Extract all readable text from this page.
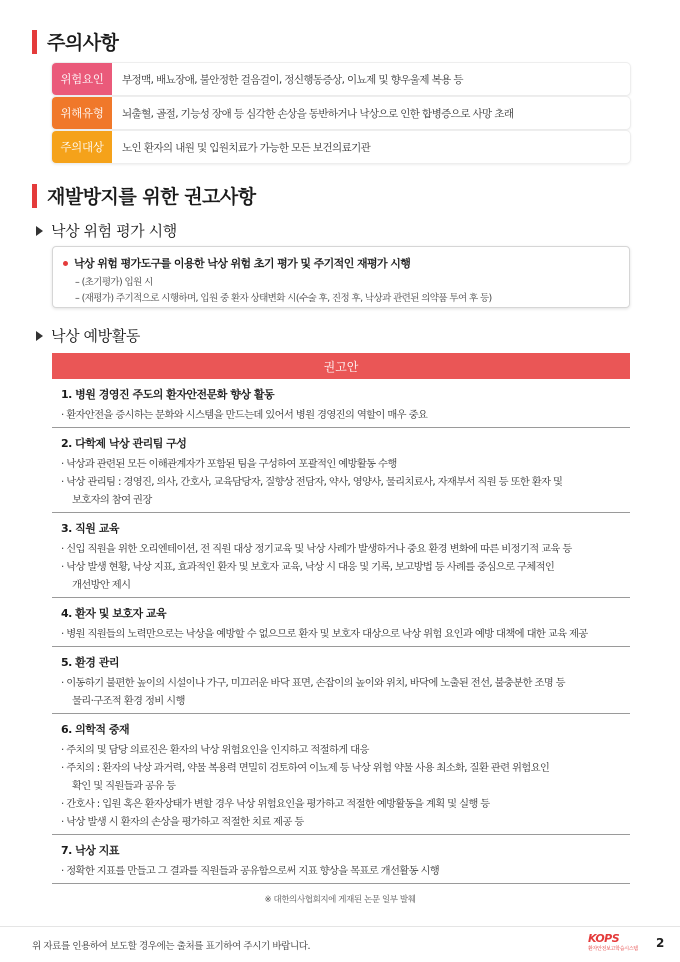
주의사항
위험요인	부정맥, 배뇨장애, 불안정한 걸음걸이, 정신행동증상, 이뇨제 및 향우울제 복용 등
위해유형	뇌출혈, 골절, 기능성 장애 등 심각한 손상을 동반하거나 낙상으로 인한 합병증으로 사망 초래
주의대상	노인 환자의 내원 및 입원치료가 가능한 모든 보건의료기관
재발방지를 위한 권고사항
낙상 위험 평가 시행
낙상 위험 평가도구를 이용한 낙상 위험 초기 평가 및 주기적인 재평가 시행
– (초기평가) 입원 시
– (재평가) 주기적으로 시행하며, 입원 중 환자 상태변화 시(수술 후, 진정 후, 낙상과 관련된 의약품 투여 후 등)
낙상 예방활동
권고안
1. 병원 경영진 주도의 환자안전문화 향상 활동
· 환자안전을 증시하는 문화와 시스템을 만드는데 있어서 병원 경영진의 역할이 매우 중요
2. 다학제 낙상 관리팀 구성
· 낙상과 관련된 모든 이해관계자가 포함된 팀을 구성하여 포괄적인 예방활동 수행
· 낙상 관리팀 : 경영진, 의사, 간호사, 교육담당자, 질향상 전담자, 약사, 영양사, 물리치료사, 자재부서 직원 등 또한 환자 및
보호자의 참여 권장
3. 직원 교육
· 신입 직원을 위한 오리엔테이션, 전 직원 대상 정기교육 및 낙상 사례가 발생하거나 중요 환경 변화에 따른 비정기적 교육 등
· 낙상 발생 현황, 낙상 지표, 효과적인 환자 및 보호자 교육, 낙상 시 대응 및 기록, 보고방법 등 사례를 중심으로 구체적인
개선방안 제시
4. 환자 및 보호자 교육
· 병원 직원들의 노력만으로는 낙상을 예방할 수 없으므로 환자 및 보호자 대상으로 낙상 위험 요인과 예방 대책에 대한 교육 제공
5. 환경 관리
· 이동하기 불편한 높이의 시설이나 가구, 미끄러운 바닥 표면, 손잡이의 높이와 위치, 바닥에 노출된 전선, 불충분한 조명 등
물리·구조적 환경 정비 시행
6. 의학적 중재
· 주치의 및 담당 의료진은 환자의 낙상 위험요인을 인지하고 적절하게 대응
· 주치의 : 환자의 낙상 과거력, 약물 복용력 면밀히 검토하여 이뇨제 등 낙상 위험 약물 사용 최소화, 질환 관련 위험요인
확인 및 직원들과 공유 등
· 간호사 : 입원 혹은 환자상태가 변할 경우 낙상 위험요인을 평가하고 적절한 예방활동을 계획 및 실행 등
· 낙상 발생 시 환자의 손상을 평가하고 적절한 치료 제공 등
7. 낙상 지표
· 정확한 지표를 만들고 그 결과를 직원들과 공유함으로써 지표 향상을 목표로 개선활동 시행
※ 대한의사협회지에 게재된 논문 일부 발췌
위 자료를 인용하여 보도할 경우에는 출처를 표기하여 주시기 바랍니다.
KOPS
환자안전보고학습시스템 2
